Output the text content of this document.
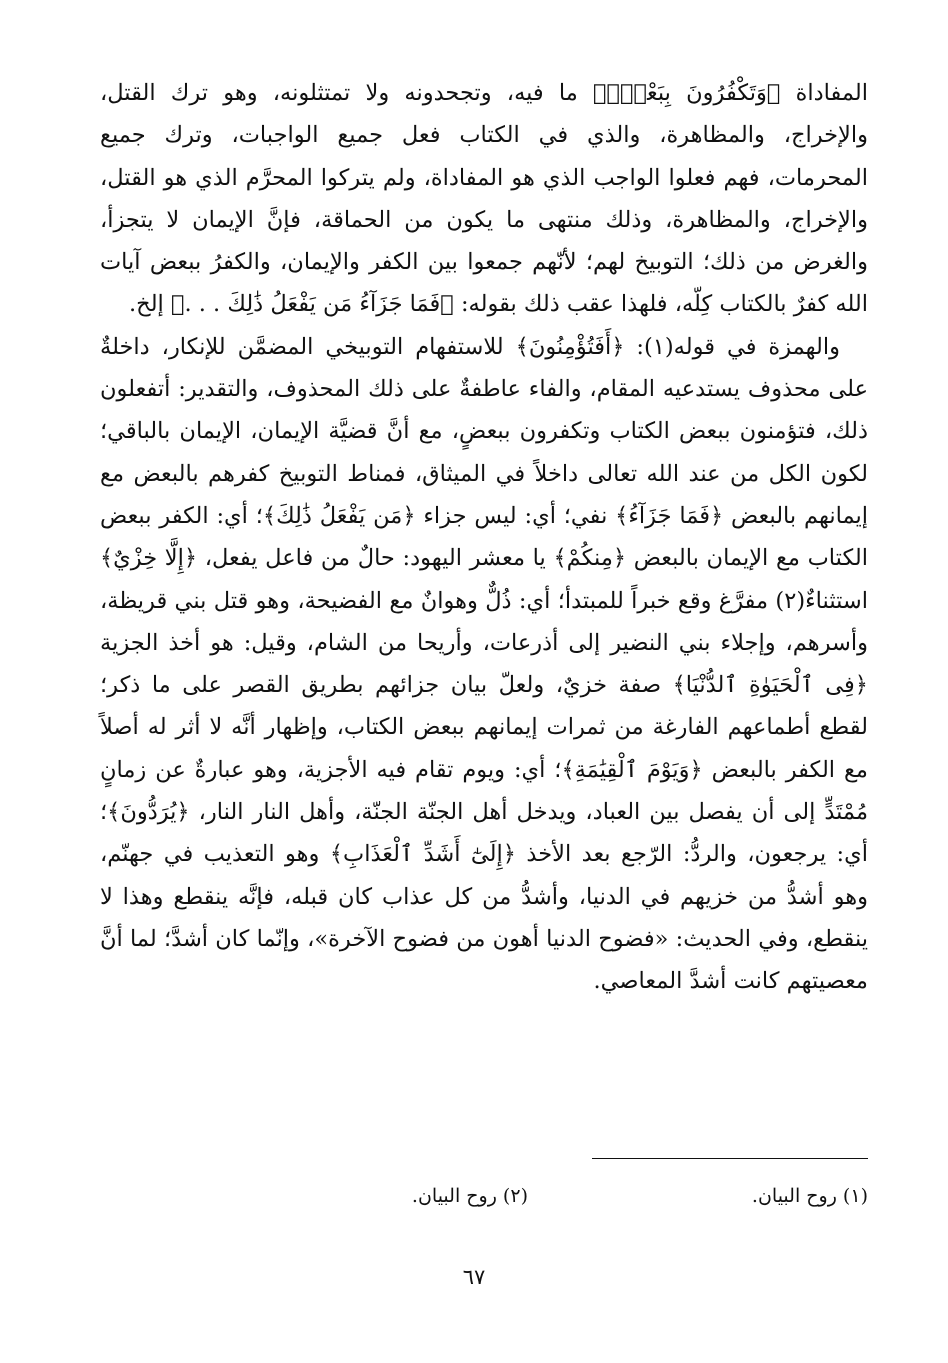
المفاداة ﴿وَتَكْفُرُونَ بِبَعْضٍۢ﴾ ما فيه، وتجحدونه ولا تمتثلونه، وهو ترك القتل، والإخراج، والمظاهرة، والذي في الكتاب فعل جميع الواجبات، وترك جميع المحرمات، فهم فعلوا الواجب الذي هو المفاداة، ولم يتركوا المحرَّم الذي هو القتل، والإخراج، والمظاهرة، وذلك منتهى ما يكون من الحماقة، فإنَّ الإيمان لا يتجزأ، والغرض من ذلك؛ التوبيخ لهم؛ لأنّهم جمعوا بين الكفر والإيمان، والكفرُ ببعض آيات الله كفرٌ بالكتاب كِلّه، فلهذا عقب ذلك بقوله: ﴿فَمَا جَزَآءُ مَن يَفْعَلُ ذَٰلِكَ . . .﴾ إلخ.

والهمزة في قوله(١): ﴿أَفَتُؤْمِنُونَ﴾ للاستفهام التوبيخي المضمَّن للإنكار، داخلةٌ على محذوف يستدعيه المقام، والفاء عاطفةٌ على ذلك المحذوف، والتقدير: أتفعلون ذلك، فتؤمنون ببعض الكتاب وتكفرون ببعضٍ، مع أنَّ قضيَّة الإيمان، الإيمان بالباقي؛ لكون الكل من عند الله تعالى داخلاً في الميثاق، فمناط التوبيخ كفرهم بالبعض مع إيمانهم بالبعض ﴿فَمَا جَزَآءُ﴾ نفي؛ أي: ليس جزاء ﴿مَن يَفْعَلُ ذَٰلِكَ﴾؛ أي: الكفر ببعض الكتاب مع الإيمان بالبعض ﴿مِنكُمْ﴾ يا معشر اليهود: حالٌ من فاعل يفعل، ﴿إِلَّا خِزْيٌ﴾ استثناءٌ(٢) مفرَّغ وقع خبراً للمبتدأ؛ أي: ذُلٌّ وهوانٌ مع الفضيحة، وهو قتل بني قريظة، وأسرهم، وإجلاء بني النضير إلى أذرعات، وأريحا من الشام، وقيل: هو أخذ الجزية ﴿فِى ٱلْحَيَوٰةِ ٱلدُّنْيَا﴾ صفة خزيٌ، ولعلّ بيان جزائهم بطريق القصر على ما ذكر؛ لقطع أطماعهم الفارغة من ثمرات إيمانهم ببعض الكتاب، وإظهار أنَّه لا أثر له أصلاً مع الكفر بالبعض ﴿وَيَوْمَ ٱلْقِيَٰمَةِ﴾؛ أي: ويوم تقام فيه الأجزية، وهو عبارةٌ عن زمانٍ مُمْتَدٍّ إلى أن يفصل بين العباد، ويدخل أهل الجنّة الجنّة، وأهل النار النار، ﴿يُرَدُّونَ﴾؛ أي: يرجعون، والردُّ: الرّجع بعد الأخذ ﴿إِلَىٰٓ أَشَدِّ ٱلْعَذَابِ﴾ وهو التعذيب في جهنّم، وهو أشدُّ من خزيهم في الدنيا، وأشدُّ من كل عذاب كان قبله، فإنَّه ينقطع وهذا لا ينقطع، وفي الحديث: «فضوح الدنيا أهون من فضوح الآخرة»، وإنّما كان أشدَّ؛ لما أنَّ معصيتهم كانت أشدَّ المعاصي.

(١) روح البيان.
(٢) روح البيان.
٦٧
